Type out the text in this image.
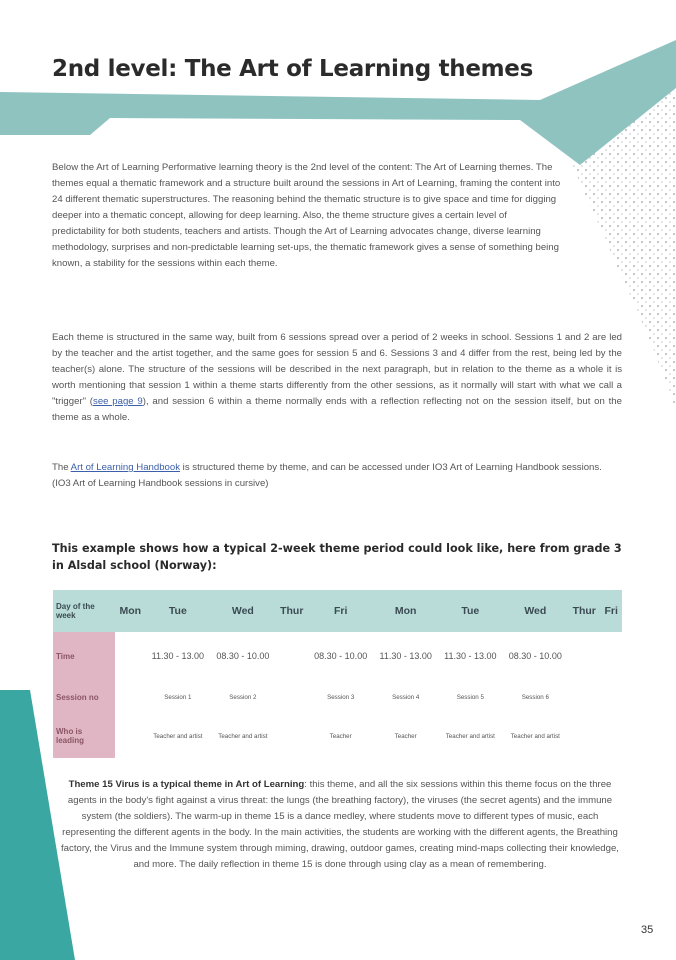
2nd level: The Art of Learning themes
Below the Art of Learning Performative learning theory is the 2nd level of the content: The Art of Learning themes. The themes equal a thematic framework and a structure built around the sessions in Art of Learning, framing the content into 24 different thematic superstructures. The reasoning behind the thematic structure is to give space and time for digging deeper into a thematic concept, allowing for deep learning. Also, the theme structure gives a certain level of predictability for both students, teachers and artists. Though the Art of Learning advocates change, diverse learning methodology, surprises and non-predictable learning set-ups, the thematic framework gives a sense of something being known, a stability for the sessions within each theme.
Each theme is structured in the same way, built from 6 sessions spread over a period of 2 weeks in school. Sessions 1 and 2 are led by the teacher and the artist together, and the same goes for session 5 and 6. Sessions 3 and 4 differ from the rest, being led by the teacher(s) alone. The structure of the sessions will be described in the next paragraph, but in relation to the theme as a whole it is worth mentioning that session 1 within a theme starts differently from the other sessions, as it normally will start with what we call a "trigger" (see page 9), and session 6 within a theme normally ends with a reflection reflecting not on the session itself, but on the theme as a whole.
The Art of Learning Handbook is structured theme by theme, and can be accessed under IO3 Art of Learning Handbook sessions. (IO3 Art of Learning Handbook sessions in cursive)
This example shows how a typical 2-week theme period could look like, here from grade 3 in Alsdal school (Norway):
Day of the week	Mon	Tue	Wed	Thur	Fri	Mon	Tue	Wed	Thur	Fri
Time		11.30 - 13.00	08.30 - 10.00		08.30 - 10.00	11.30 - 13.00	11.30 - 13.00	08.30 - 10.00		
Session no		Session 1	Session 2		Session 3	Session 4	Session 5	Session 6		
Who is leading		Teacher and artist	Teacher and artist		Teacher	Teacher	Teacher and artist	Teacher and artist		
Theme 15 Virus is a typical theme in Art of Learning: this theme, and all the six sessions within this theme focus on the three agents in the body's fight against a virus threat: the lungs (the breathing factory), the viruses (the secret agents) and the immune system (the soldiers). The warm-up in theme 15 is a dance medley, where students move to different types of music, each representing the different agents in the body. In the main activities, the students are working with the different agents, the Breathing factory, the Virus and the Immune system through miming, drawing, outdoor games, creating mind-maps collecting their knowledge, and more. The daily reflection in theme 15 is done through using clay as a mean of remembering.
35
